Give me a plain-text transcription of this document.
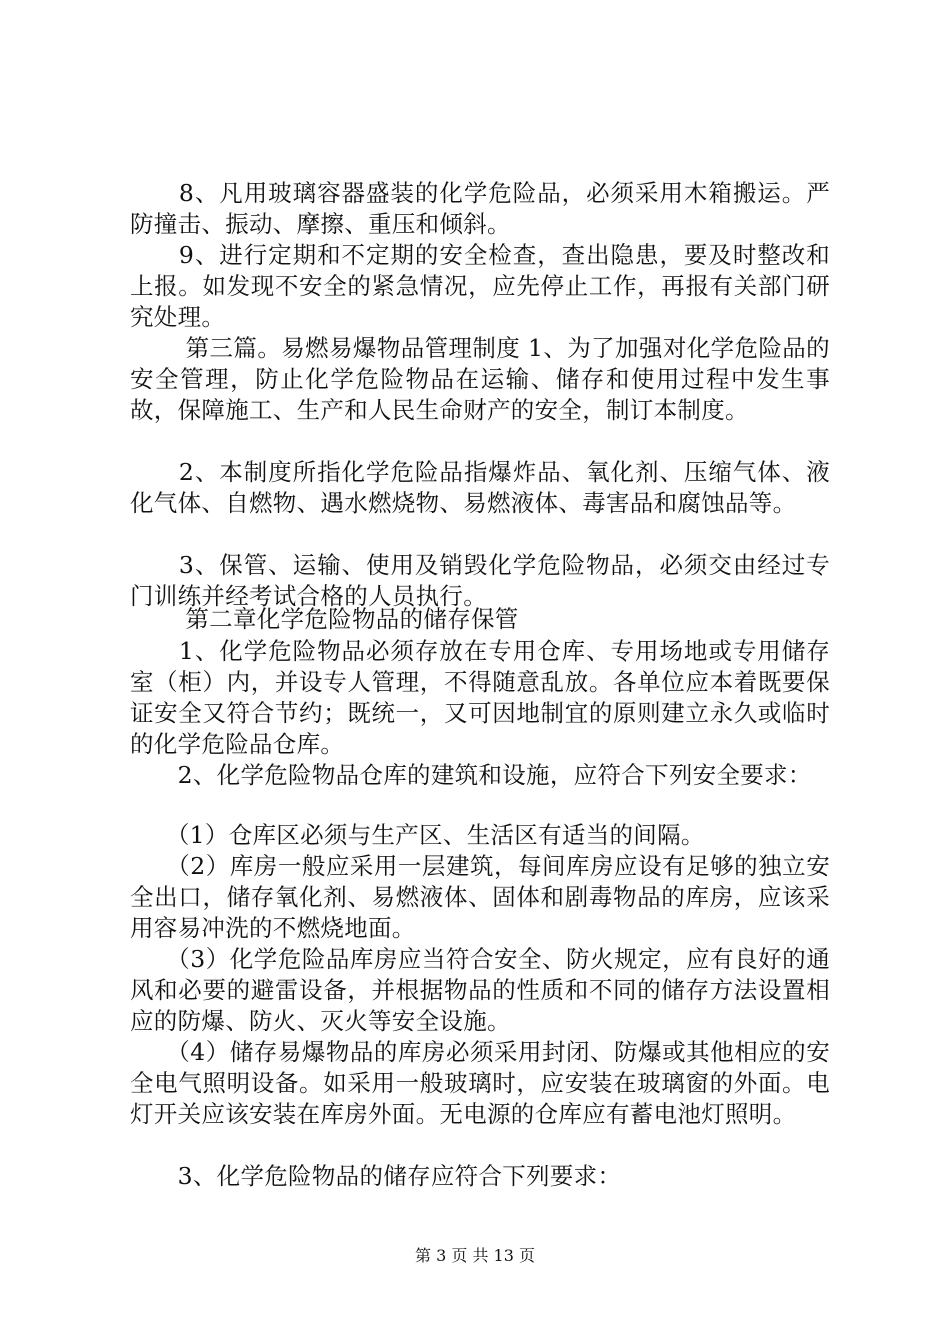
　　8、凡用玻璃容器盛装的化学危险品，必须采用木箱搬运。严防撞击、振动、摩擦、重压和倾斜。

　　9、进行定期和不定期的安全检查，查出隐患，要及时整改和上报。如发现不安全的紧急情况，应先停止工作，再报有关部门研究处理。

　　 第三篇。易燃易爆物品管理制度 1、为了加强对化学危险品的安全管理，防止化学危险物品在运输、储存和使用过程中发生事故，保障施工、生产和人民生命财产的安全，制订本制度。

　　2、本制度所指化学危险品指爆炸品、氧化剂、压缩气体、液化气体、自燃物、遇水燃烧物、易燃液体、毒害品和腐蚀品等。

　　3、保管、运输、使用及销毁化学危险物品，必须交由经过专门训练并经考试合格的人员执行。

　　 第二章化学危险物品的储存保管

　　1、化学危险物品必须存放在专用仓库、专用场地或专用储存室（柜）内，并设专人管理，不得随意乱放。各单位应本着既要保证安全又符合节约；既统一，又可因地制宜的原则建立永久或临时的化学危险品仓库。

　　2、化学危险物品仓库的建筑和设施，应符合下列安全要求：

　　（1）仓库区必须与生产区、生活区有适当的间隔。

　　（2）库房一般应采用一层建筑，每间库房应设有足够的独立安全出口，储存氧化剂、易燃液体、固体和剧毒物品的库房，应该采用容易冲洗的不燃烧地面。

　　（3）化学危险品库房应当符合安全、防火规定，应有良好的通风和必要的避雷设备，并根据物品的性质和不同的储存方法设置相应的防爆、防火、灭火等安全设施。

　　（4）储存易爆物品的库房必须采用封闭、防爆或其他相应的安全电气照明设备。如采用一般玻璃时，应安装在玻璃窗的外面。电灯开关应该安装在库房外面。无电源的仓库应有蓄电池灯照明。

　　3、化学危险物品的储存应符合下列要求：

第 3 页 共 13 页
